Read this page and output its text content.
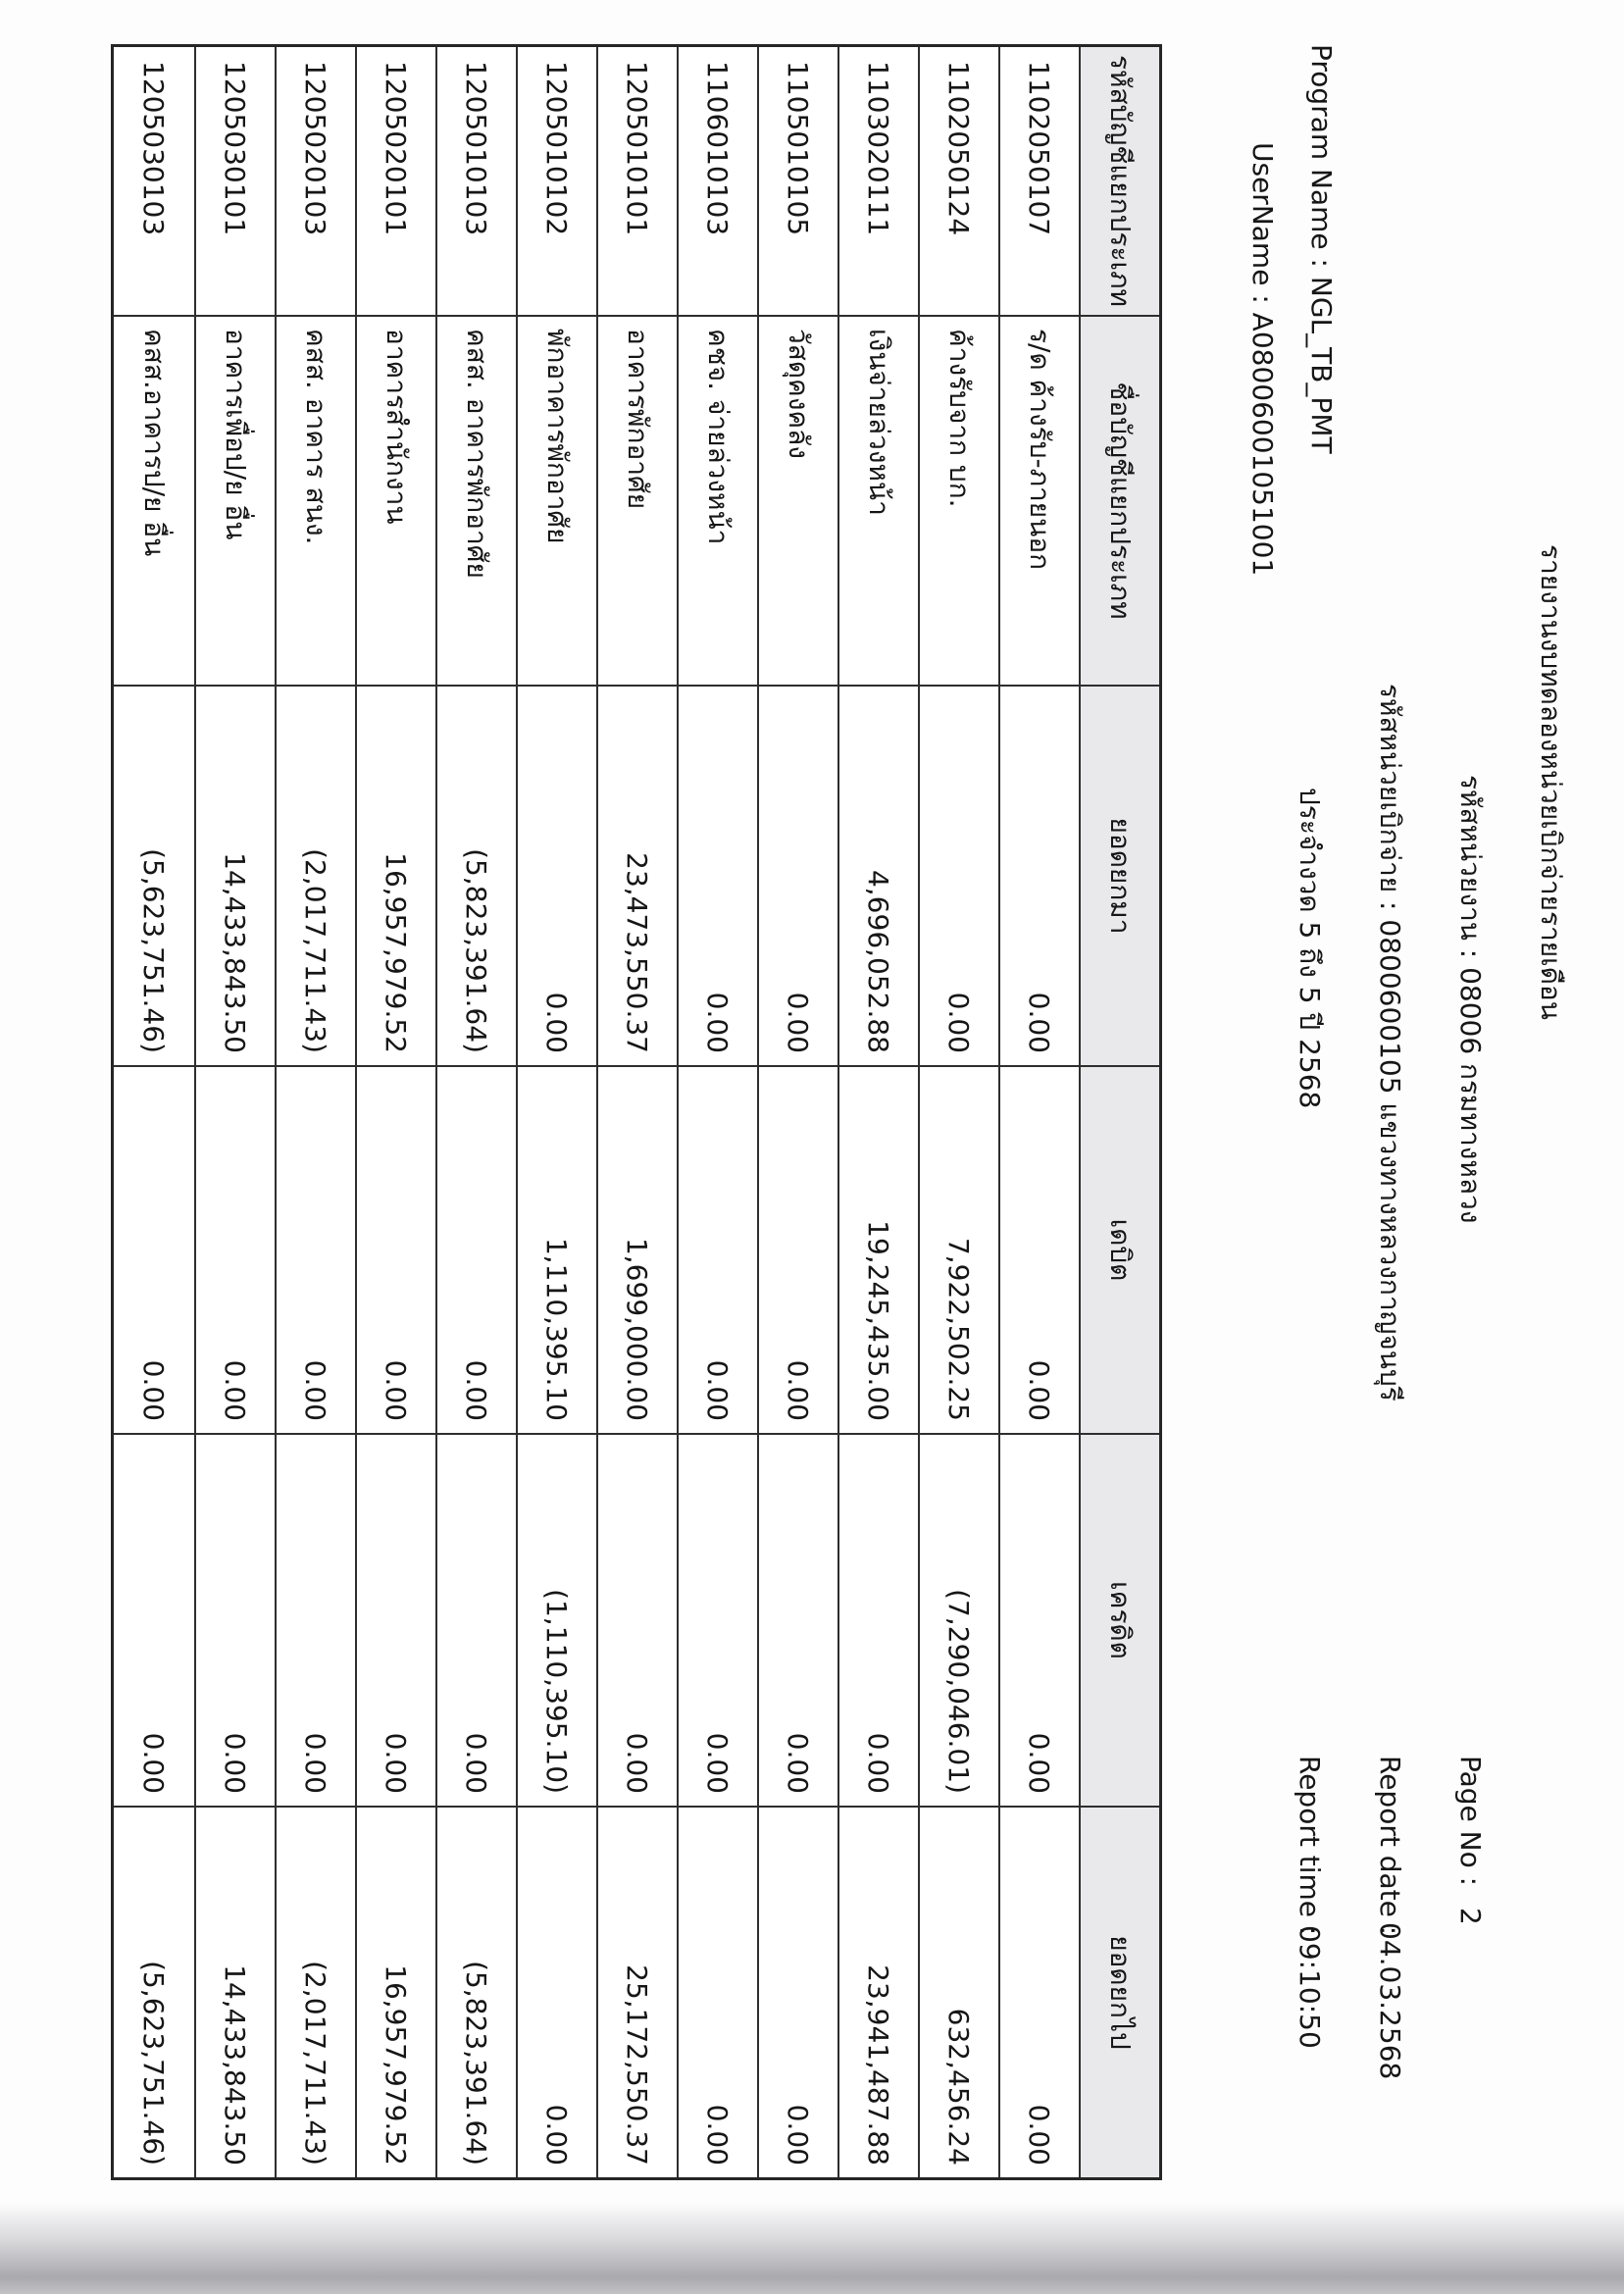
Program Name : NGL_TB_PMT
UserName : A08006001051001
รายงานงบทดลองหน่วยเบิกจ่ายรายเดือน
รหัสหน่วยงาน : 08006 กรมทางหลวง
รหัสหน่วยเบิกจ่าย : 0800600105 แขวงทางหลวงกาญจนบุรี
ประจำงวด 5 ถึง 5 ปี 2568
Page No :
2
Report date :
04.03.2568
Report time :
09:10:50
รหัสบัญชีแยกประเภท
ชื่อบัญชีแยกประเภท
ยอดยกมา
เดบิต
เครดิต
ยอดยกไป
1102050107
ร/ด ค้างรับ-ภายนอก
0.00
0.00
0.00
0.00
1102050124
ค้างรับจาก บก.
0.00
7,922,502.25
(7,290,046.01)
632,456.24
1103020111
เงินจ่ายล่วงหน้า
4,696,052.88
19,245,435.00
0.00
23,941,487.88
1105010105
วัสดุคงคลัง
0.00
0.00
0.00
0.00
1106010103
คชจ. จ่ายล่วงหน้า
0.00
0.00
0.00
0.00
1205010101
อาคารพักอาศัย
23,473,550.37
1,699,000.00
0.00
25,172,550.37
1205010102
พักอาคารพักอาศัย
0.00
1,110,395.10
(1,110,395.10)
0.00
1205010103
คสส. อาคารพักอาศัย
(5,823,391.64)
0.00
0.00
(5,823,391.64)
1205020101
อาคารสำนักงาน
16,957,979.52
0.00
0.00
16,957,979.52
1205020103
คสส. อาคาร สนง.
(2,017,711.43)
0.00
0.00
(2,017,711.43)
1205030101
อาคารเพื่อป/ย อื่น
14,433,843.50
0.00
0.00
14,433,843.50
1205030103
คสส.อาคารป/ย อื่น
(5,623,751.46)
0.00
0.00
(5,623,751.46)
